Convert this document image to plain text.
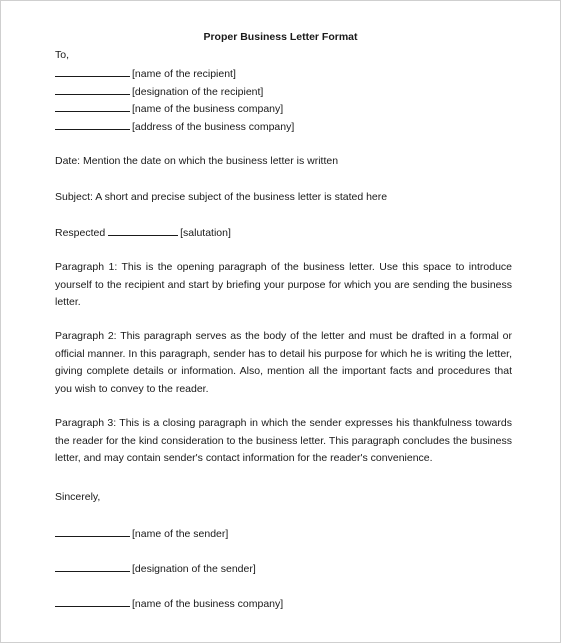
Proper Business Letter Format
To,
[name of the recipient]
[designation of the recipient]
[name of the business company]
[address of the business company]
Date: Mention the date on which the business letter is written
Subject: A short and precise subject of the business letter is stated here
Respected	[salutation]

Paragraph 1: This is the opening paragraph of the business letter. Use this space to introduce yourself to the recipient and start by briefing your purpose for which you are sending the business letter.

Paragraph 2: This paragraph serves as the body of the letter and must be drafted in a formal or official manner. In this paragraph, sender has to detail his purpose for which he is writing the letter, giving complete details or information. Also, mention all the important facts and procedures that you wish to convey to the reader.

Paragraph 3: This is a closing paragraph in which the sender expresses his thankfulness towards the reader for the kind consideration to the business letter. This paragraph concludes the business letter, and may contain sender's contact information for the reader's convenience.

Sincerely,
[name of the sender]
[designation of the sender]
[name of the business company]
